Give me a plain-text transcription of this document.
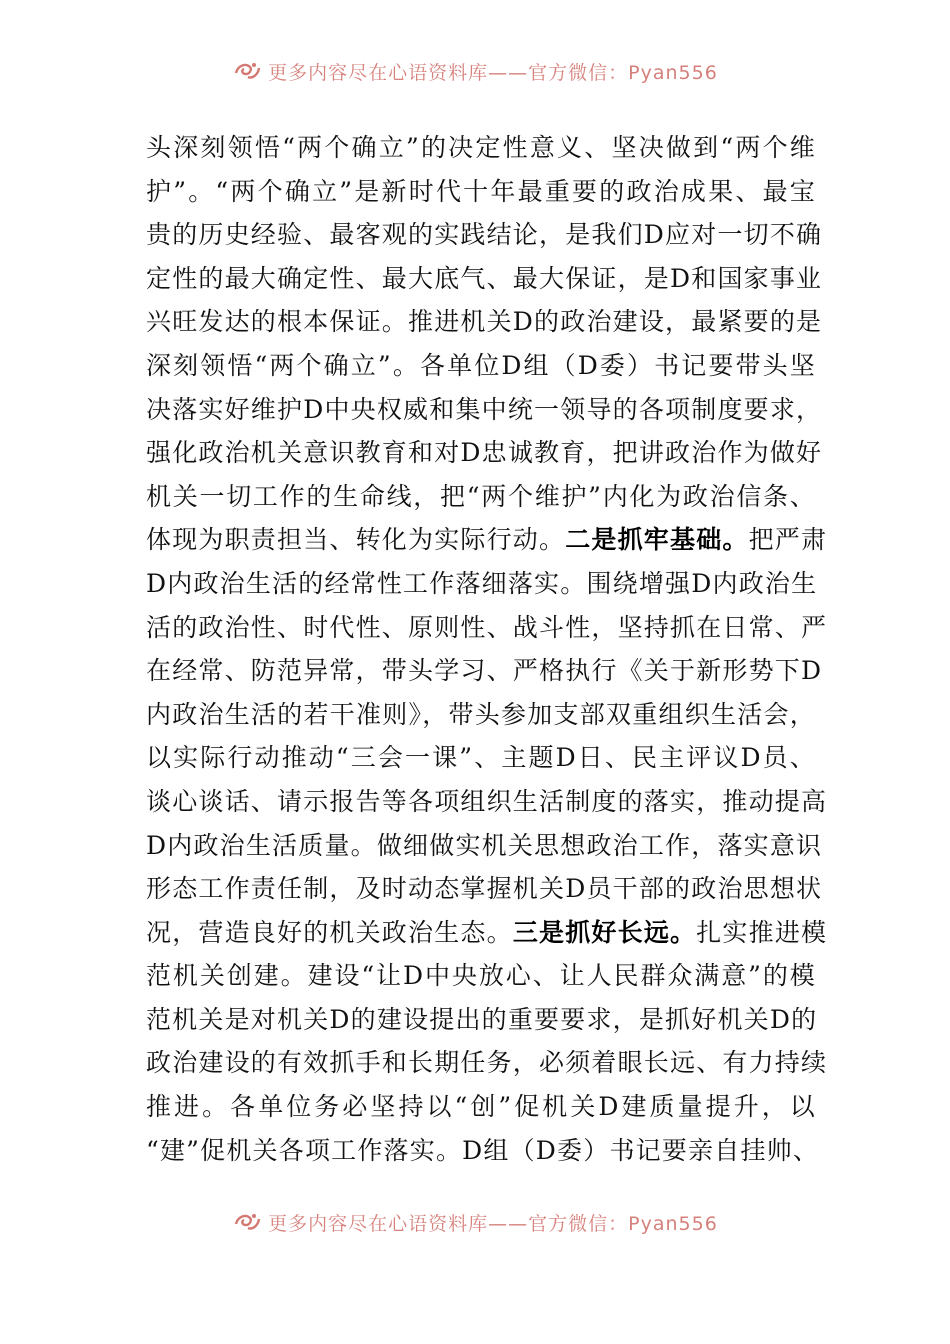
更多内容尽在心语资料库——官方微信：Pyan556
头深刻领悟“两个确立”的决定性意义、坚决做到“两个维
护”。“两个确立”是新时代十年最重要的政治成果、最宝
贵的历史经验、最客观的实践结论，是我们D应对一切不确
定性的最大确定性、最大底气、最大保证，是D和国家事业
兴旺发达的根本保证。推进机关D的政治建设，最紧要的是
深刻领悟“两个确立”。各单位D组（D委）书记要带头坚
决落实好维护D中央权威和集中统一领导的各项制度要求，
强化政治机关意识教育和对D忠诚教育，把讲政治作为做好
机关一切工作的生命线，把“两个维护”内化为政治信条、
体现为职责担当、转化为实际行动。二是抓牢基础。把严肃
D内政治生活的经常性工作落细落实。围绕增强D内政治生
活的政治性、时代性、原则性、战斗性，坚持抓在日常、严
在经常、防范异常，带头学习、严格执行《关于新形势下D
内政治生活的若干准则》，带头参加支部双重组织生活会，
以实际行动推动“三会一课”、主题D日、民主评议D员、
谈心谈话、请示报告等各项组织生活制度的落实，推动提高
D内政治生活质量。做细做实机关思想政治工作，落实意识
形态工作责任制，及时动态掌握机关D员干部的政治思想状
况，营造良好的机关政治生态。三是抓好长远。扎实推进模
范机关创建。建设“让D中央放心、让人民群众满意”的模
范机关是对机关D的建设提出的重要要求，是抓好机关D的
政治建设的有效抓手和长期任务，必须着眼长远、有力持续
推进。各单位务必坚持以“创”促机关D建质量提升，以
“建”促机关各项工作落实。D组（D委）书记要亲自挂帅、
更多内容尽在心语资料库——官方微信：Pyan556
